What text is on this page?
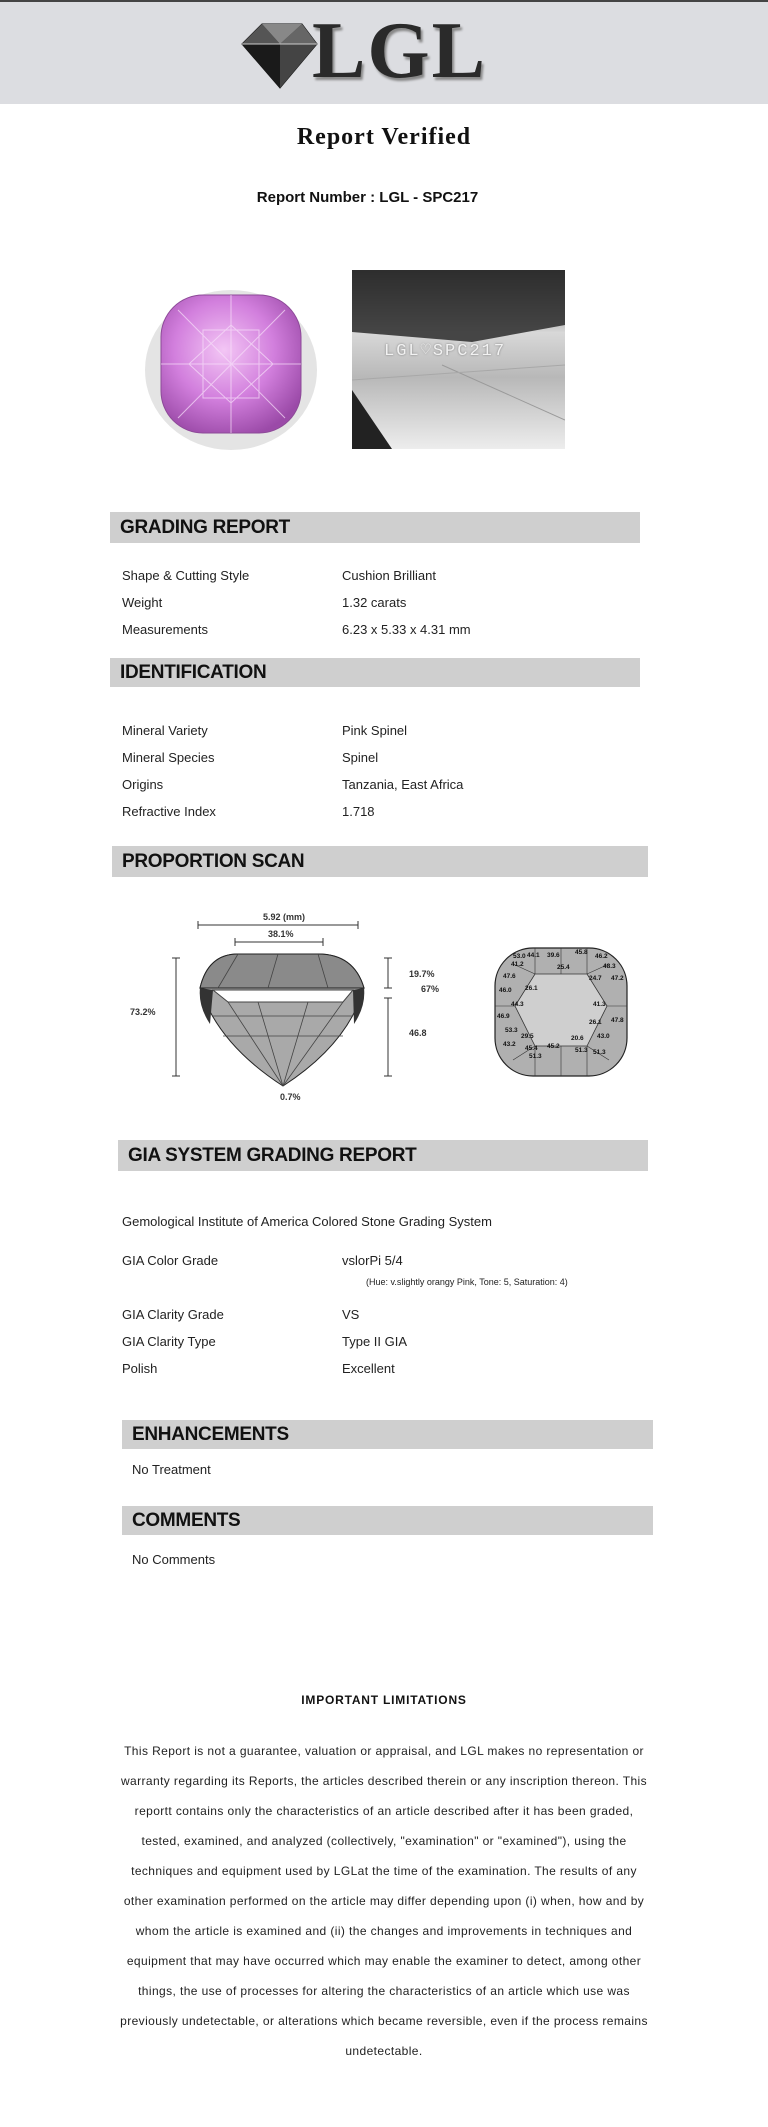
LGL
Report Verified
Report Number : LGL - SPC217
LGL♡SPC217
GRADING REPORT
Shape & Cutting Style	Cushion Brilliant
Weight	1.32 carats
Measurements	6.23 x 5.33 x 4.31 mm
IDENTIFICATION
Mineral Variety	Pink Spinel
Mineral Species	Spinel
Origins	Tanzania, East Africa
Refractive Index	1.718
PROPORTION SCAN
5.92 (mm)
38.1%
73.2%
19.7%
67%
46.8
0.7%
53.0 44.1 39.6 45.8
46.2
41.2	25.4	48.3
47.6	24.7 47.2
46.0 26.1
44.3	41.3
46.9
26.1 47.8
53.3
29.5	20.6 43.0
43.2
45.4 45.2
51.3
51.3
51.3
GIA SYSTEM GRADING REPORT
Gemological Institute of America Colored Stone Grading System
GIA Color Grade	vslorPi 5/4
(Hue: v.slightly orangy Pink, Tone: 5, Saturation: 4)
GIA Clarity Grade	VS
GIA Clarity Type	Type II GIA
Polish	Excellent
ENHANCEMENTS
No Treatment
COMMENTS
No Comments
IMPORTANT LIMITATIONS
This Report is not a guarantee, valuation or appraisal, and LGL makes no representation or warranty regarding its Reports, the articles described therein or any inscription thereon. This reportt contains only the characteristics of an article described after it has been graded, tested, examined, and analyzed (collectively, "examination" or "examined"), using the techniques and equipment used by LGLat the time of the examination. The results of any other examination performed on the article may differ depending upon (i) when, how and by whom the article is examined and (ii) the changes and improvements in techniques and equipment that may have occurred which may enable the examiner to detect, among other things, the use of processes for altering the characteristics of an article which use was previously undetectable, or alterations which became reversible, even if the process remains undetectable.
